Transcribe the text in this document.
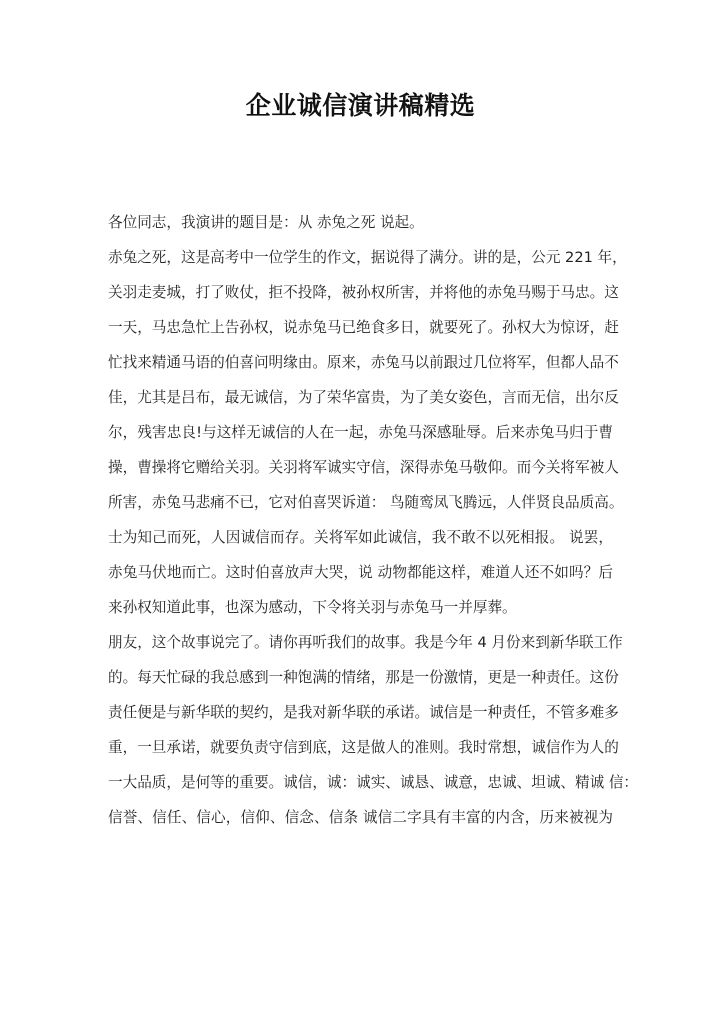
企业诚信演讲稿精选
各位同志，我演讲的题目是：从 赤兔之死 说起。
赤兔之死，这是高考中一位学生的作文，据说得了满分。讲的是，公元 221 年，
关羽走麦城，打了败仗，拒不投降，被孙权所害，并将他的赤兔马赐于马忠。这
一天，马忠急忙上告孙权，说赤兔马已绝食多日，就要死了。孙权大为惊讶，赶
忙找来精通马语的伯喜问明缘由。原来，赤兔马以前跟过几位将军，但都人品不
佳，尤其是吕布，最无诚信，为了荣华富贵，为了美女姿色，言而无信，出尔反
尔，残害忠良!与这样无诚信的人在一起，赤兔马深感耻辱。后来赤兔马归于曹
操，曹操将它赠给关羽。关羽将军诚实守信，深得赤兔马敬仰。而今关将军被人
所害，赤兔马悲痛不已，它对伯喜哭诉道： 鸟随鸾凤飞腾远，人伴贤良品质高。
士为知己而死，人因诚信而存。关将军如此诚信，我不敢不以死相报。 说罢，
赤兔马伏地而亡。这时伯喜放声大哭，说 动物都能这样，难道人还不如吗？后
来孙权知道此事，也深为感动，下令将关羽与赤兔马一并厚葬。
朋友，这个故事说完了。请你再听我们的故事。我是今年 4 月份来到新华联工作
的。每天忙碌的我总感到一种饱满的情绪，那是一份激情，更是一种责任。这份
责任便是与新华联的契约，是我对新华联的承诺。诚信是一种责任，不管多难多
重，一旦承诺，就要负责守信到底，这是做人的准则。我时常想，诚信作为人的
一大品质，是何等的重要。诚信，诚：诚实、诚恳、诚意，忠诚、坦诚、精诚 信：
信誉、信任、信心，信仰、信念、信条 诚信二字具有丰富的内含，历来被视为
